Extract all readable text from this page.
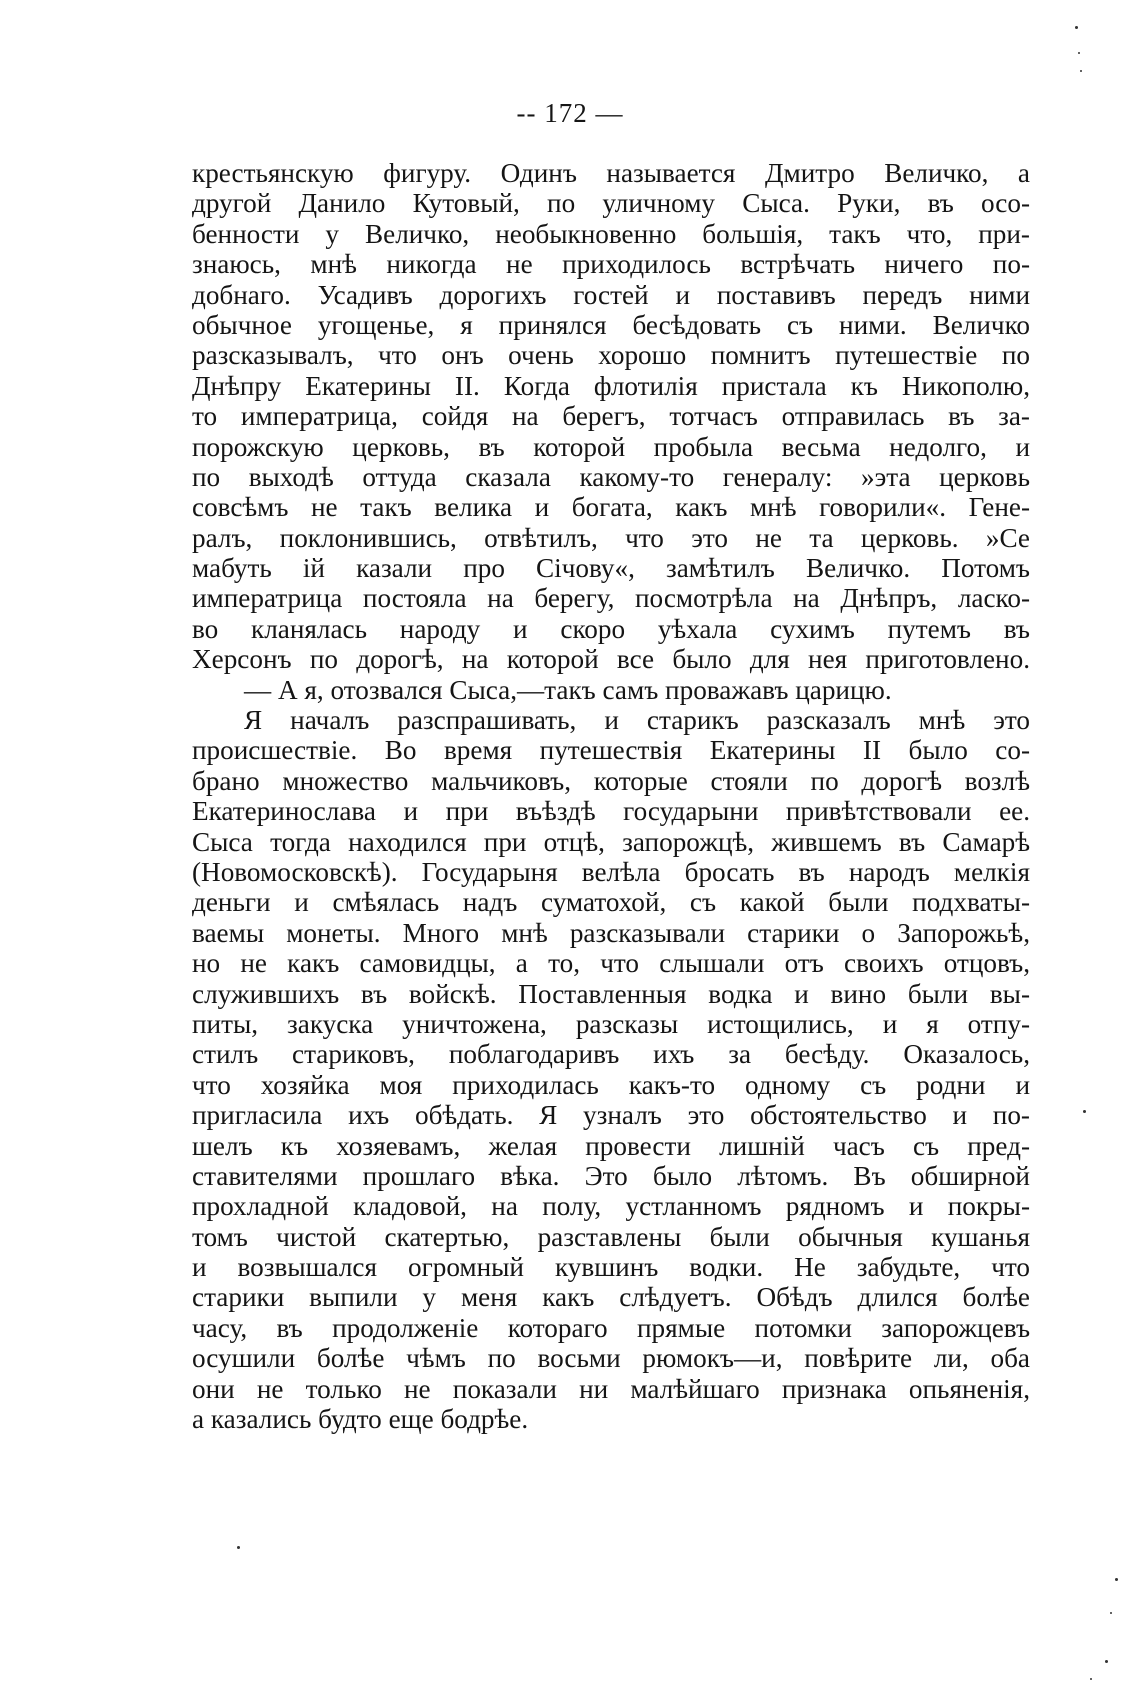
-- 172 —
крестьянскую фигуру. Одинъ называется Дмитро Величко, а
другой Данило Кутовый, по уличному Сыса. Руки, въ осо-
бенности у Величко, необыкновенно большія, такъ что, при-
знаюсь, мнѣ никогда не приходилось встрѣчать ничего по-
добнаго. Усадивъ дорогихъ гостей и поставивъ передъ ними
обычное угощенье, я принялся бесѣдовать съ ними. Величко
разсказывалъ, что онъ очень хорошо помнитъ путешествіе по
Днѣпру Екатерины II. Когда флотилія пристала къ Никополю,
то императрица, сойдя на берегъ, тотчасъ отправилась въ за-
порожскую церковь, въ которой пробыла весьма недолго, и
по выходѣ оттуда сказала какому-то генералу: »эта церковь
совсѣмъ не такъ велика и богата, какъ мнѣ говорили«. Гене-
ралъ, поклонившись, отвѣтилъ, что это не та церковь. »Се
мабуть ій казали про Січову«, замѣтилъ Величко. Потомъ
императрица постояла на берегу, посмотрѣла на Днѣпръ, ласко-
во кланялась народу и скоро уѣхала сухимъ путемъ въ
Херсонъ по дорогѣ, на которой все было для нея приготовлено.
— А я, отозвался Сыса,—такъ самъ проважавъ царицю.
Я началъ разспрашивать, и старикъ разсказалъ мнѣ это
происшествіе. Во время путешествія Екатерины II было со-
брано множество мальчиковъ, которые стояли по дорогѣ возлѣ
Екатеринослава и при въѣздѣ государыни привѣтствовали ее.
Сыса тогда находился при отцѣ, запорожцѣ, жившемъ въ Самарѣ
(Новомосковскѣ). Государыня велѣла бросать въ народъ мелкія
деньги и смѣялась надъ суматохой, съ какой были подхваты-
ваемы монеты. Много мнѣ разсказывали старики о Запорожьѣ,
но не какъ самовидцы, а то, что слышали отъ своихъ отцовъ,
служившихъ въ войскѣ. Поставленныя водка и вино были вы-
питы, закуска уничтожена, разсказы истощились, и я отпу-
стилъ стариковъ, поблагодаривъ ихъ за бесѣду. Оказалось,
что хозяйка моя приходилась какъ-то одному съ родни и
пригласила ихъ обѣдать. Я узналъ это обстоятельство и по-
шелъ къ хозяевамъ, желая провести лишній часъ съ пред-
ставителями прошлаго вѣка. Это было лѣтомъ. Въ обширной
прохладной кладовой, на полу, устланномъ рядномъ и покры-
томъ чистой скатертью, разставлены были обычныя кушанья
и возвышался огромный кувшинъ водки. Не забудьте, что
старики выпили у меня какъ слѣдуетъ. Обѣдъ длился болѣе
часу, въ продолженіе котораго прямые потомки запорожцевъ
осушили болѣе чѣмъ по восьми рюмокъ—и, повѣрите ли, оба
они не только не показали ни малѣйшаго признака опьяненія,
а казались будто еще бодрѣе.
